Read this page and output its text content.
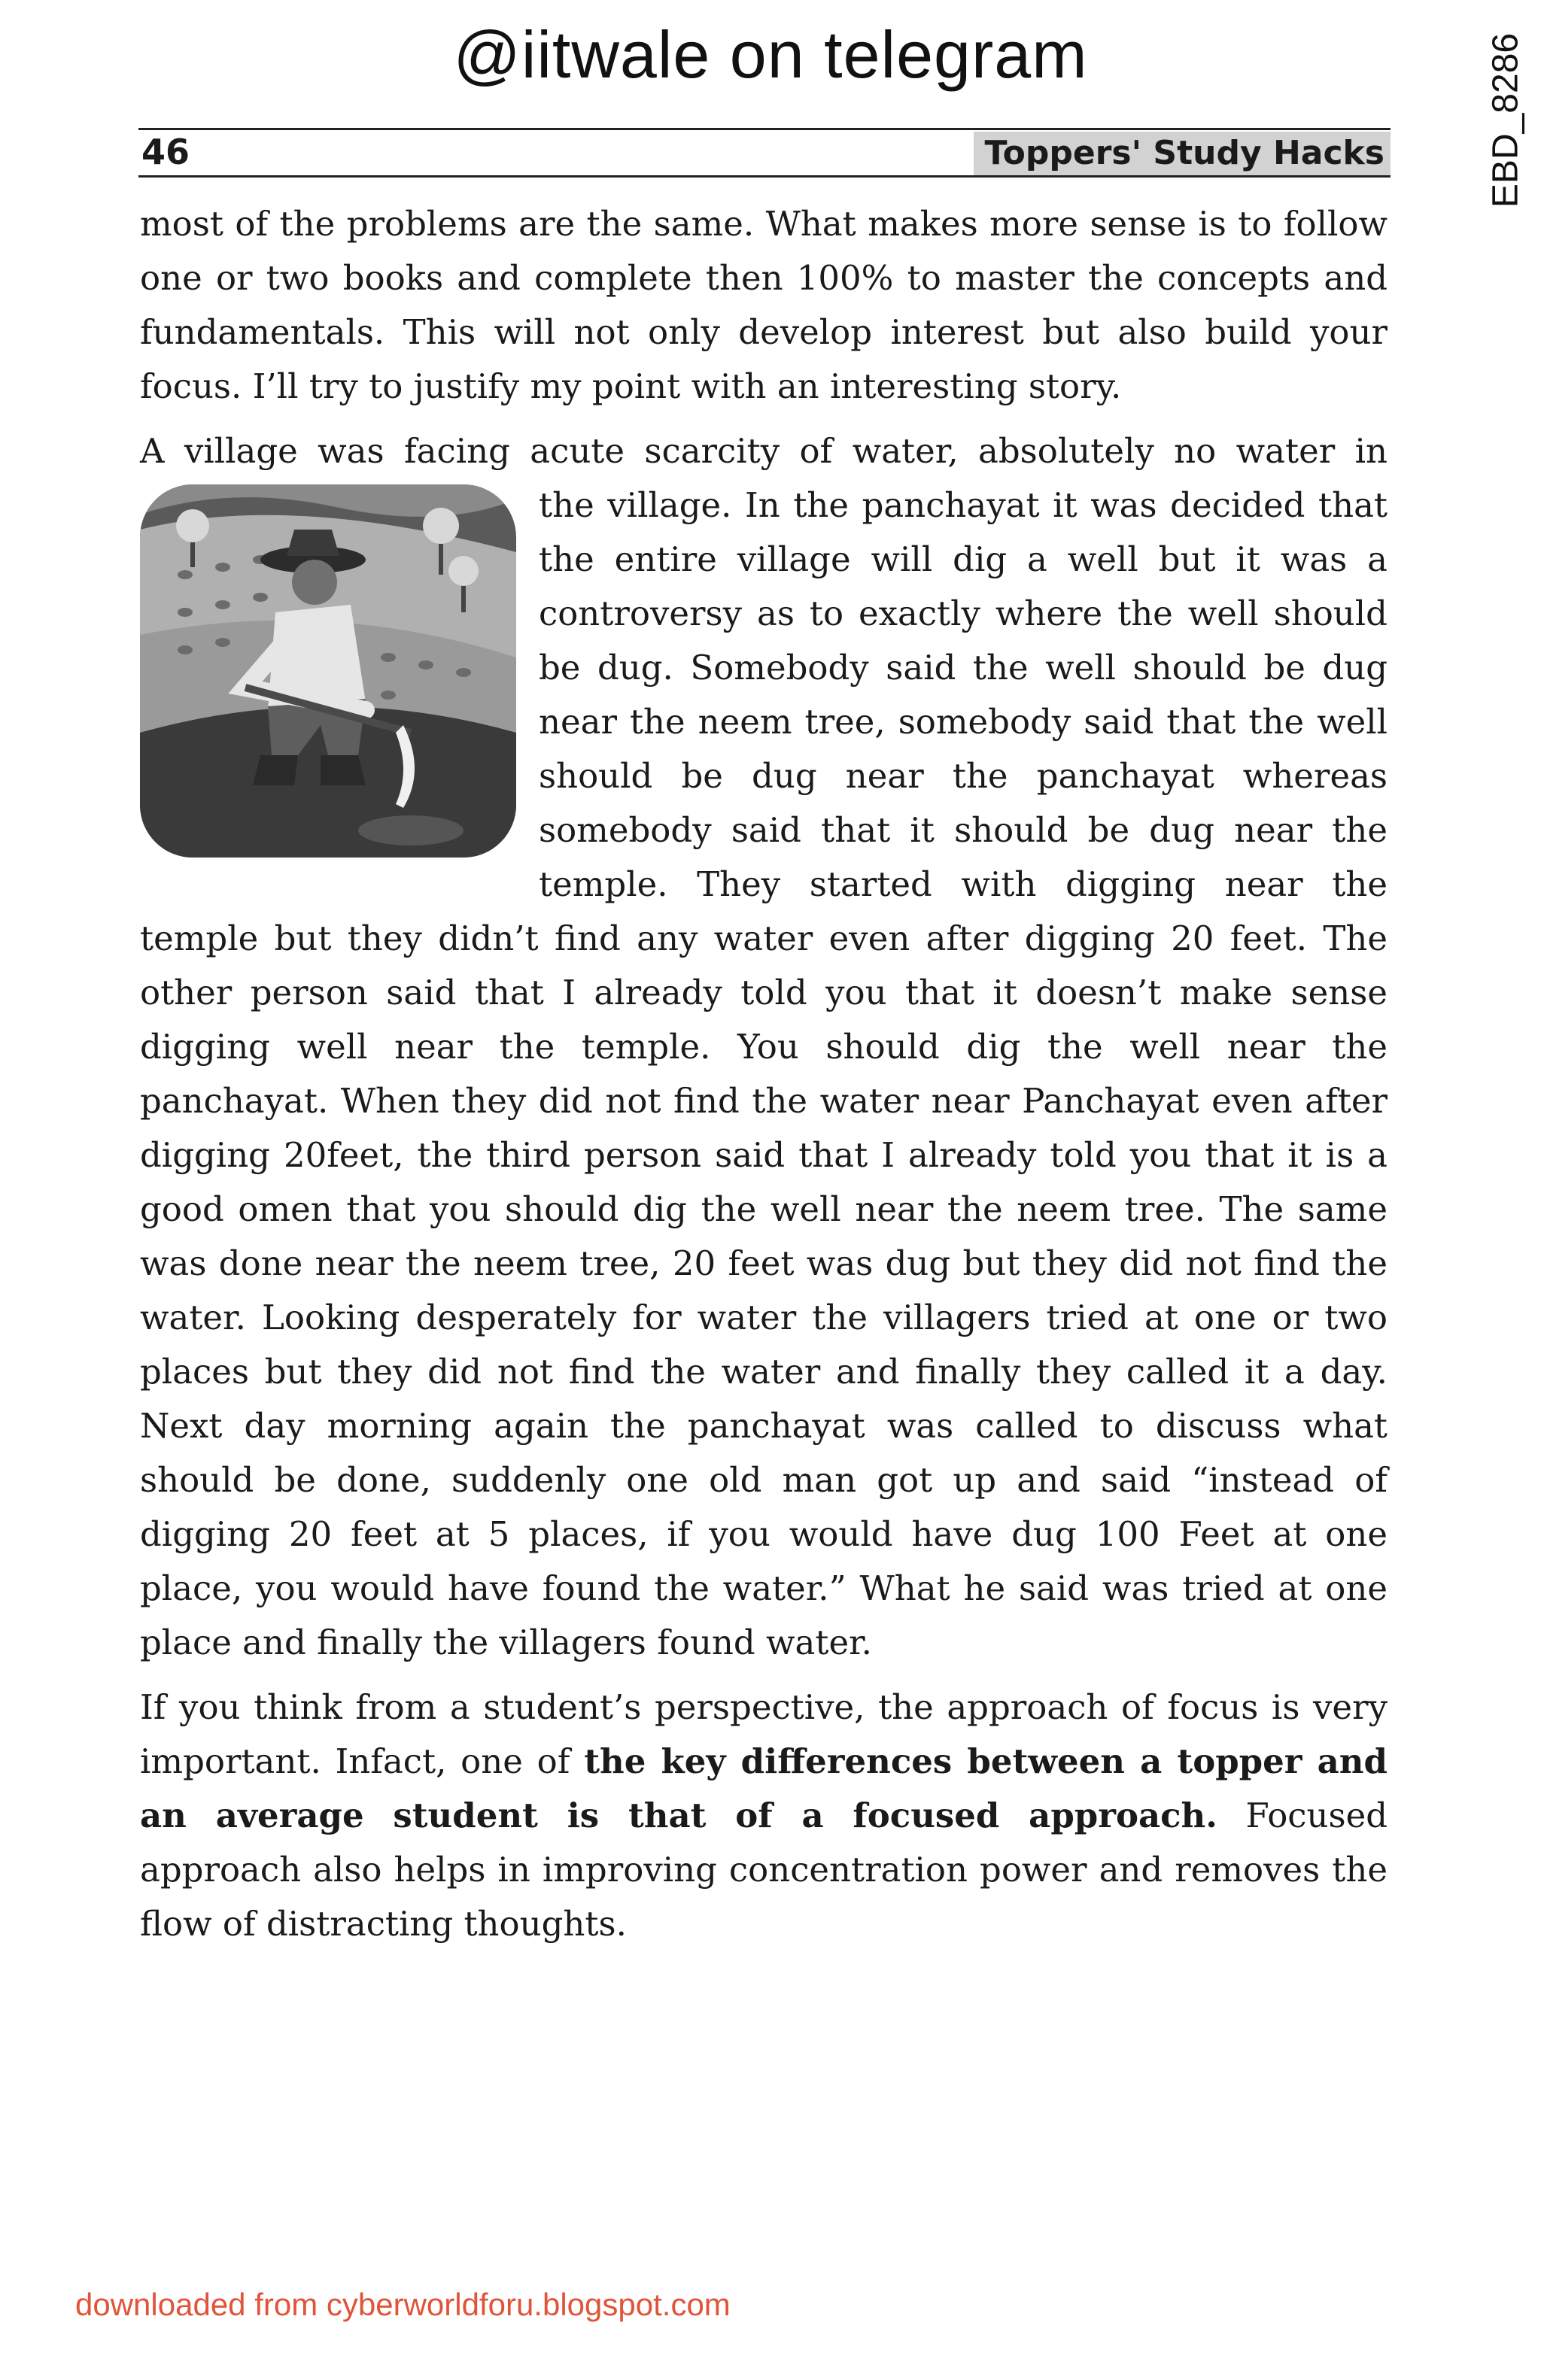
@iitwale on telegram	EBD_8286
46	Toppers' Study Hacks

most of the problems are the same. What makes more sense is to follow one or two books and complete then 100% to master the concepts and fundamentals. This will not only develop interest but also build your focus. I’ll try to justify my point with an interesting story.

A village was facing acute scarcity of water, absolutely no water in

the village. In the panchayat it was decided that the entire village will dig a well but it was a controversy as to exactly where the well should be dug. Somebody said the well should be dug near the neem tree, somebody said that the well should be dug near the panchayat whereas somebody said that it should be dug near the temple. They started with digging near the temple but they didn’t find any water even after digging 20 feet. The other person said that I already told you that it doesn’t make sense digging well near the temple. You should dig the well near the panchayat. When they did not find the water near Panchayat even after digging 20feet, the third person said that I already told you that it is a good omen that you should dig the well near the neem tree. The same was done near the neem tree, 20 feet was dug but they did not find the water. Looking desperately for water the villagers tried at one or two places but they did not find the water and finally they called it a day. Next day morning again the panchayat was called to discuss what should be done, suddenly one old man got up and said “instead of digging 20 feet at 5 places, if you would have dug 100 Feet at one place, you would have found the water.” What he said was tried at one place and finally the villagers found water.

If you think from a student’s perspective, the approach of focus is very important. Infact, one of the key differences between a topper and an average student is that of a focused approach. Focused approach also helps in improving concentration power and removes the flow of distracting thoughts.

downloaded from cyberworldforu.blogspot.com
